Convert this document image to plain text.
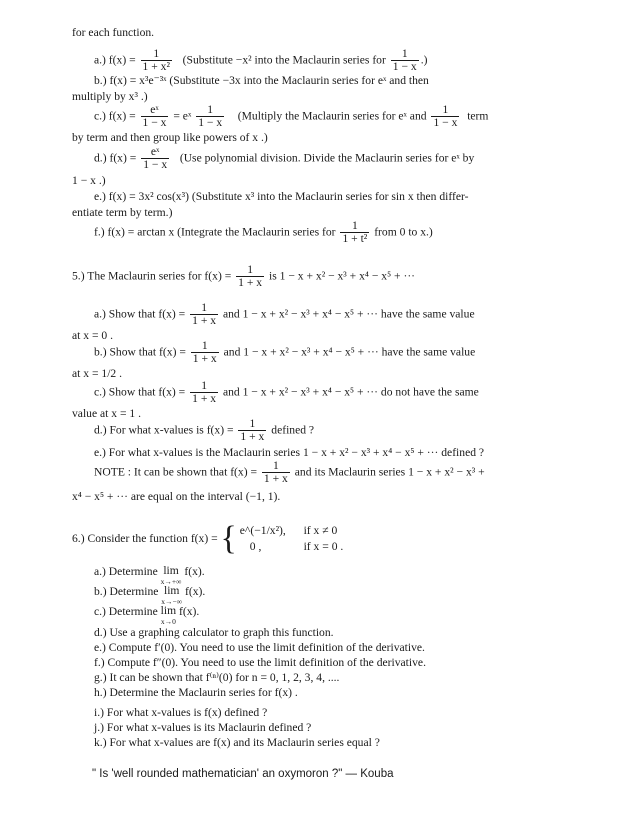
for each function.
a.) $f(x) = \frac{1}{\text{1 + x²}}$ (Substitute −x² into the Maclaurin series for $\frac{1}{1 - x}$ .)
b.) f(x) = x³e⁻³ˣ (Substitute −3x into the Maclaurin series for eˣ and then
multiply by x³ .)
c.) $f(x) = \frac{\text{eˣ}}{1 - x}$ = eˣ $\frac{1}{1 - x}$ (Multiply the Maclaurin series for eˣ and $\frac{1}{1 - x}$ term
by term and then group like powers of x .)
d.) $f(x) = \frac{\text{eˣ}}{1 - x} (Use$ polynomial division. Divide the Maclaurin series for eˣ by
1 − x .)
e.) f(x) = 3x² cos(x³) (Substitute x³ into the Maclaurin series for sin x then differ-
entiate term by term.)
f.) f(x) = arctan x (Integrate the Maclaurin series for $\frac{1}{\text{1 + t²}}$ from 0 to x.)
5.) The Maclaurin series for $f(x) = \frac{1}{1 + x}$ is 1 − x + x² − x³ + x⁴ − x⁵ + ···
a.) Show that $f(x) = \frac{1}{1 + x}$ and 1 − x + x² − x³ + x⁴ − x⁵ + ··· have the same value
at x = 0 .
b.) Show that $f(x) = \frac{1}{1 + x}$ and 1 − x + x² − x³ + x⁴ − x⁵ + ··· have the same value
at x = 1/2 .
c.) Show that $f(x) = \frac{1}{1 + x}$ and 1 − x + x² − x³ + x⁴ − x⁵ + ··· do not have the same
value at x = 1 .
d.) For what x-values is $f(x) = \frac{1}{1 + x}$ defined ?
e.) For what x-values is the Maclaurin series 1 − x + x² − x³ + x⁴ − x⁵ + ··· defined ?
NOTE : It can be shown that $f(x) = \frac{1}{1 + x}$ and its Maclaurin series 1 − x + x² − x³ +
x⁴ − x⁵ + ··· are equal on the interval (−1, 1).
6.) Consider the function f(x) = { e^(−1/x²), if x ≠ 0
0 ,	if x = 0 .
a.) Determine lim
x→+∞
f(x).
b.) Determine lim
x→−∞
f(x).
c.) Determine lim
x→0
f(x).
d.) Use a graphing calculator to graph this function.
e.) Compute f′(0). You need to use the limit definition of the derivative.
f.) Compute f″(0). You need to use the limit definition of the derivative.
g.) It can be shown that f⁽ⁿ⁾(0) for n = 0, 1, 2, 3, 4, ....
h.) Determine the Maclaurin series for f(x) .
i.) For what x-values is f(x) defined ?
j.) For what x-values is its Maclaurin defined ?
k.) For what x-values are f(x) and its Maclaurin series equal ?
" Is 'well rounded mathematician' an oxymoron ?" — Kouba
